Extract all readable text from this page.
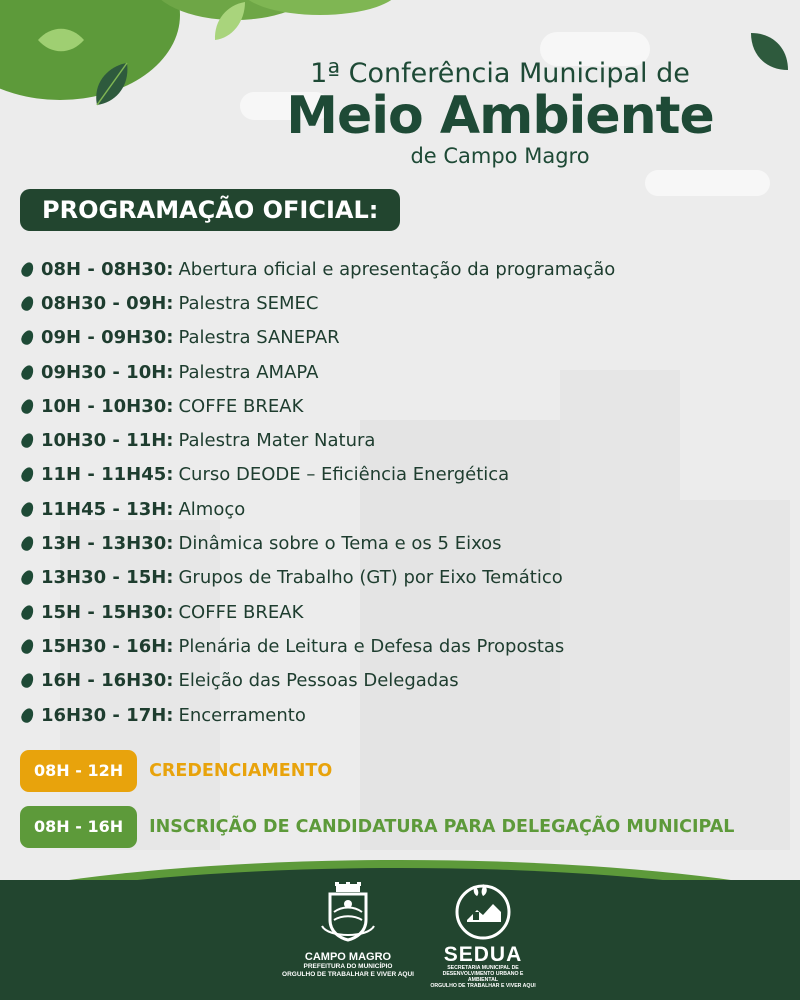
1ª Conferência Municipal de
Meio Ambiente
de Campo Magro
PROGRAMAÇÃO OFICIAL:
08H - 08H30: Abertura oficial e apresentação da programação
08H30 - 09H: Palestra SEMEC
09H - 09H30: Palestra SANEPAR
09H30 - 10H: Palestra AMAPA
10H - 10H30: COFFE BREAK
10H30 - 11H: Palestra Mater Natura
11H - 11H45: Curso DEODE – Eficiência Energética
11H45 - 13H: Almoço
13H - 13H30: Dinâmica sobre o Tema e os 5 Eixos
13H30 - 15H: Grupos de Trabalho (GT) por Eixo Temático
15H - 15H30: COFFE BREAK
15H30 - 16H: Plenária de Leitura e Defesa das Propostas
16H - 16H30: Eleição das Pessoas Delegadas
16H30 - 17H: Encerramento
08H - 12H	CREDENCIAMENTO
08H - 16H	INSCRIÇÃO DE CANDIDATURA PARA DELEGAÇÃO MUNICIPAL
CAMPO MAGRO
PREFEITURA DO MUNICÍPIO
ORGULHO DE TRABALHAR E VIVER AQUI
SEDUA
SECRETARIA MUNICIPAL DE
DESENVOLVIMENTO URBANO E AMBIENTAL
ORGULHO DE TRABALHAR E VIVER AQUI
